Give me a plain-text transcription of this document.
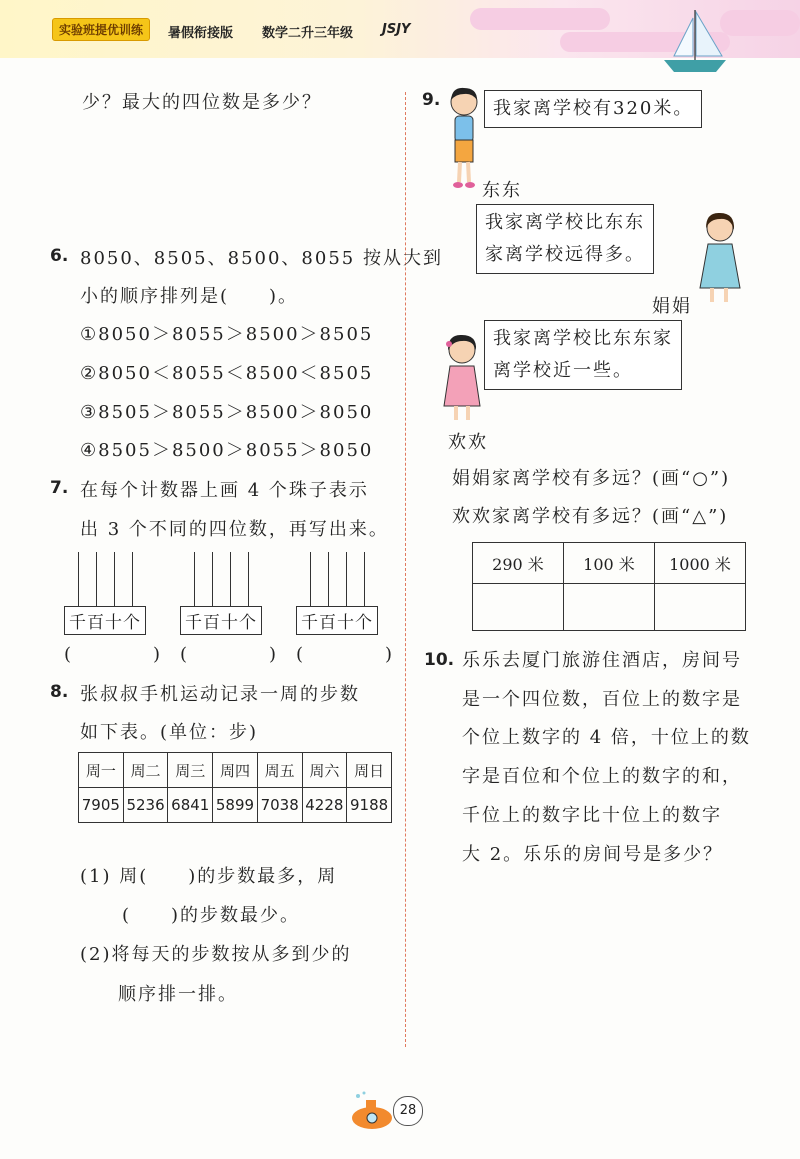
实验班提优训练	暑假衔接版 数学二升三年级 JSJY
少？最大的四位数是多少？
6. 8050、8505、8500、8055 按从大到
小的顺序排列是(　　)。
①8050＞8055＞8500＞8505
②8050＜8055＜8500＜8505
③8505＞8055＞8500＞8050
④8505＞8500＞8055＞8050
7. 在每个计数器上画 4 个珠子表示
出 3 个不同的四位数，再写出来。
千百十个
(　　　　)
千百十个
(　　　　)
千百十个
(　　　　)
8. 张叔叔手机运动记录一周的步数
如下表。(单位：步)
周一	周二	周三	周四	周五	周六	周日
7905	5236	6841	5899	7038	4228	9188
(1) 周(　　)的步数最多，周
(　　)的步数最少。
(2)将每天的步数按从多到少的
顺序排一排。
9.	我家离学校有320米。
东东
我家离学校比东东
家离学校远得多。
娟娟
我家离学校比东东家
离学校近一些。
欢欢
娟娟家离学校有多远？(画“○”)
欢欢家离学校有多远？(画“△”)
290 米	100 米	1000 米

10. 乐乐去厦门旅游住酒店，房间号
是一个四位数，百位上的数字是
个位上数字的 4 倍，十位上的数
字是百位和个位上的数字的和，
千位上的数字比十位上的数字
大 2。乐乐的房间号是多少？
28
